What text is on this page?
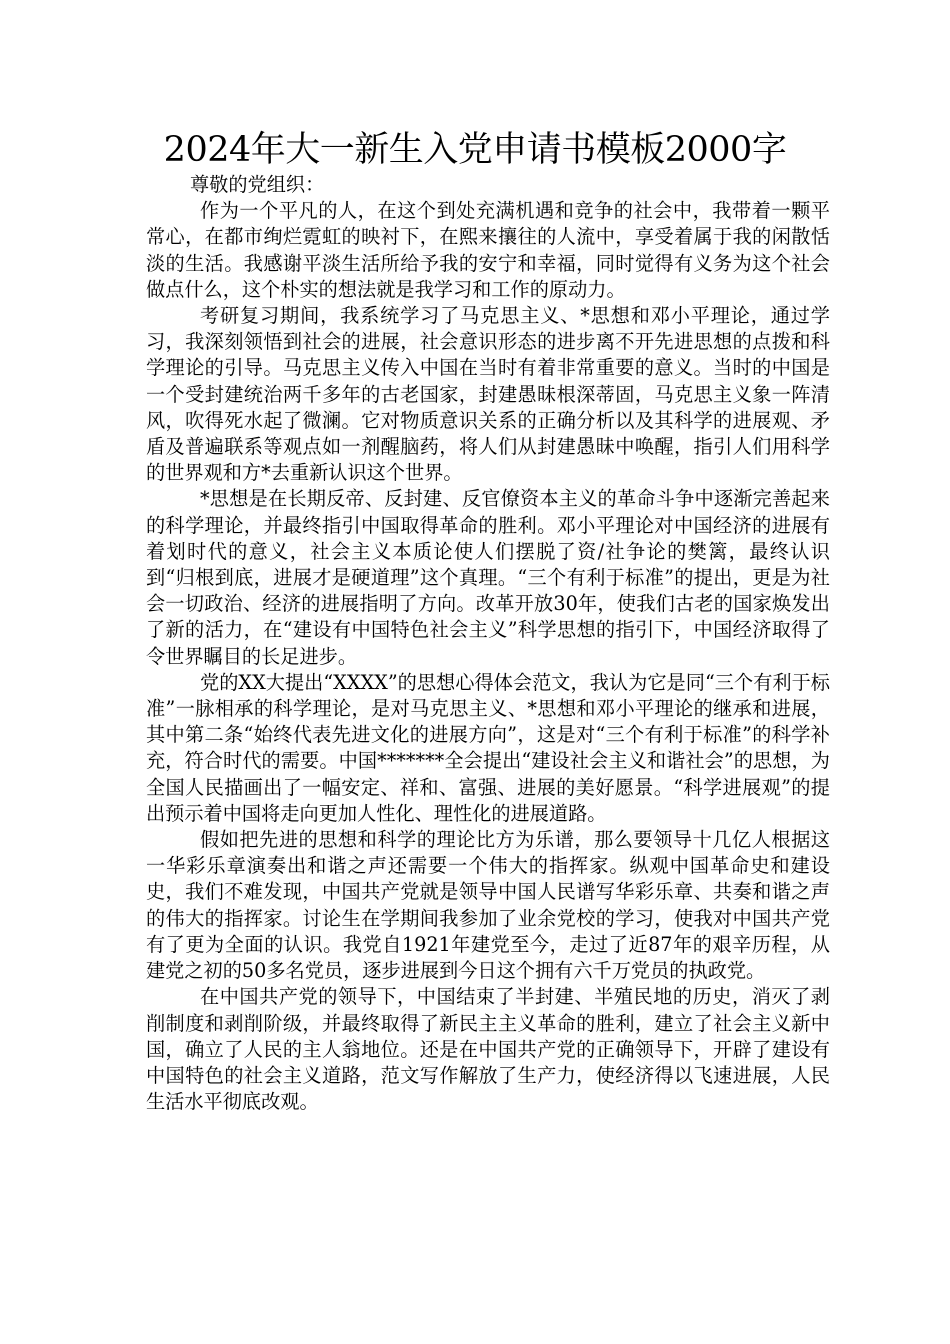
2024年大一新生入党申请书模板2000字

尊敬的党组织：

作为一个平凡的人，在这个到处充满机遇和竞争的社会中，我带着一颗平常心，在都市绚烂霓虹的映衬下，在熙来攘往的人流中，享受着属于我的闲散恬淡的生活。我感谢平淡生活所给予我的安宁和幸福，同时觉得有义务为这个社会做点什么，这个朴实的想法就是我学习和工作的原动力。

考研复习期间，我系统学习了马克思主义、*思想和邓小平理论，通过学习，我深刻领悟到社会的进展，社会意识形态的进步离不开先进思想的点拨和科学理论的引导。马克思主义传入中国在当时有着非常重要的意义。当时的中国是一个受封建统治两千多年的古老国家，封建愚昧根深蒂固，马克思主义象一阵清风，吹得死水起了微澜。它对物质意识关系的正确分析以及其科学的进展观、矛盾及普遍联系等观点如一剂醒脑药，将人们从封建愚昧中唤醒，指引人们用科学的世界观和方*去重新认识这个世界。

*思想是在长期反帝、反封建、反官僚资本主义的革命斗争中逐渐完善起来的科学理论，并最终指引中国取得革命的胜利。邓小平理论对中国经济的进展有着划时代的意义，社会主义本质论使人们摆脱了资/社争论的樊篱，最终认识到“归根到底，进展才是硬道理”这个真理。“三个有利于标准”的提出，更是为社会一切政治、经济的进展指明了方向。改革开放30年，使我们古老的国家焕发出了新的活力，在“建设有中国特色社会主义”科学思想的指引下，中国经济取得了令世界瞩目的长足进步。

党的XX大提出“XXXX”的思想心得体会范文，我认为它是同“三个有利于标准”一脉相承的科学理论，是对马克思主义、*思想和邓小平理论的继承和进展，其中第二条“始终代表先进文化的进展方向”，这是对“三个有利于标准”的科学补充，符合时代的需要。中国*******全会提出“建设社会主义和谐社会”的思想，为全国人民描画出了一幅安定、祥和、富强、进展的美好愿景。“科学进展观”的提出预示着中国将走向更加人性化、理性化的进展道路。

假如把先进的思想和科学的理论比方为乐谱，那么要领导十几亿人根据这一华彩乐章演奏出和谐之声还需要一个伟大的指挥家。纵观中国革命史和建设史，我们不难发现，中国共产党就是领导中国人民谱写华彩乐章、共奏和谐之声的伟大的指挥家。讨论生在学期间我参加了业余党校的学习，使我对中国共产党有了更为全面的认识。我党自1921年建党至今，走过了近87年的艰辛历程，从建党之初的50多名党员，逐步进展到今日这个拥有六千万党员的执政党。

在中国共产党的领导下，中国结束了半封建、半殖民地的历史，消灭了剥削制度和剥削阶级，并最终取得了新民主主义革命的胜利，建立了社会主义新中国，确立了人民的主人翁地位。还是在中国共产党的正确领导下，开辟了建设有中国特色的社会主义道路，范文写作解放了生产力，使经济得以飞速进展，人民生活水平彻底改观。
